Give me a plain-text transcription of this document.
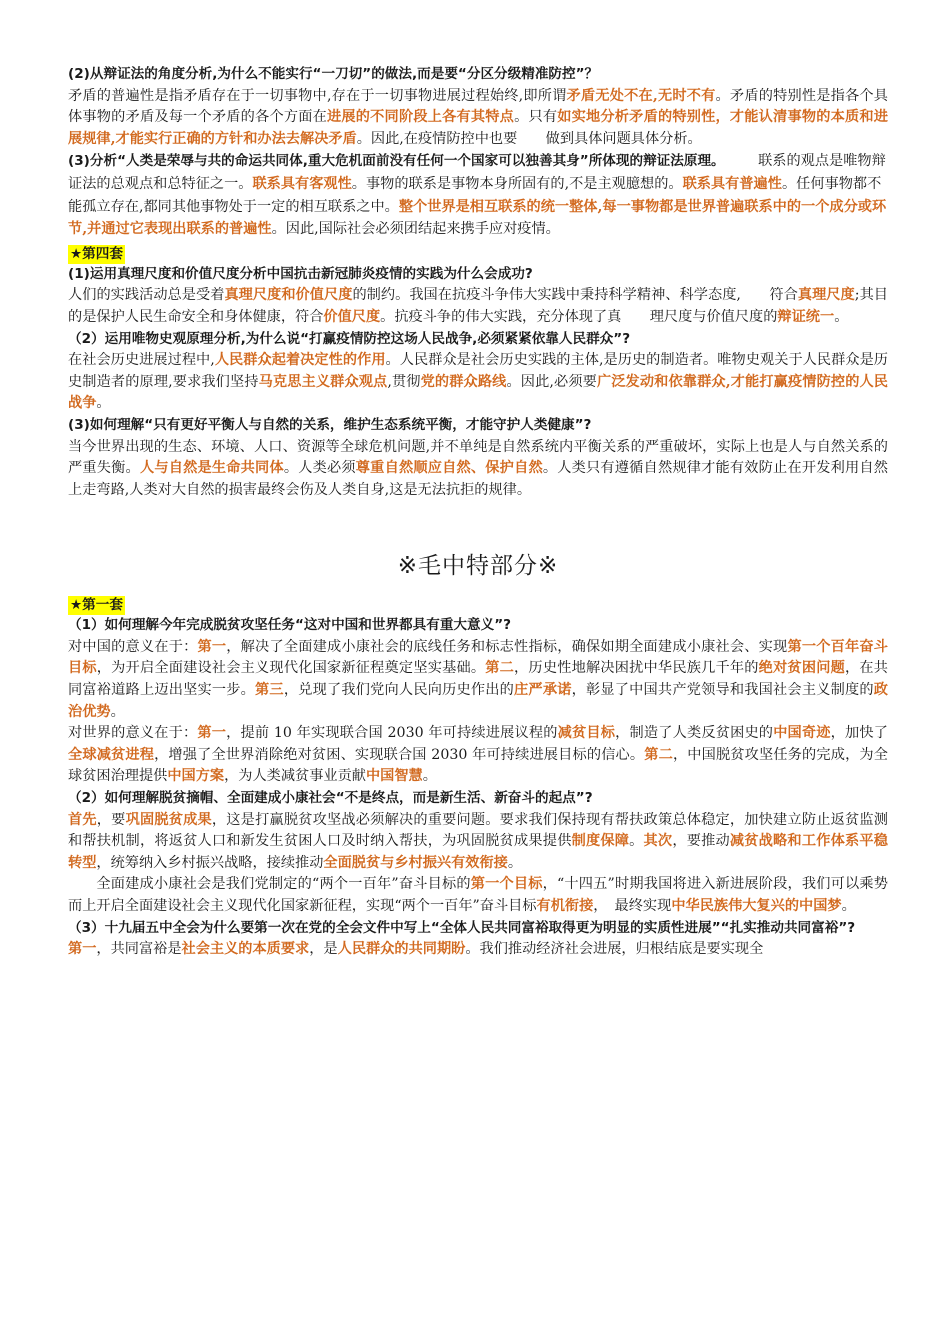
(2)从辩证法的角度分析,为什么不能实行“一刀切”的做法,而是要“分区分级精准防控”？

矛盾的普遍性是指矛盾存在于一切事物中,存在于一切事物进展过程始终,即所谓矛盾无处不在,无时不有。矛盾的特别性是指各个具体事物的矛盾及每一个矛盾的各个方面在进展的不同阶段上各有其特点。只有如实地分析矛盾的特别性，才能认清事物的本质和进展规律,才能实行正确的方针和办法去解决矛盾。因此,在疫情防控中也要　　做到具体问题具体分析。

(3)分析“人类是荣辱与共的命运共同体,重大危机面前没有任何一个国家可以独善其身”所体现的辩证法原理。

　　联系的观点是唯物辩证法的总观点和总特征之一。联系具有客观性。事物的联系是事物本身所固有的,不是主观臆想的。联系具有普遍性。任何事物都不能孤立存在,都同其他事物处于一定的相互联系之中。整个世界是相互联系的统一整体,每一事物都是世界普遍联系中的一个成分或环节,并通过它表现出联系的普遍性。因此,国际社会必须团结起来携手应对疫情。

★第四套

(1)运用真理尺度和价值尺度分析中国抗击新冠肺炎疫情的实践为什么会成功?

人们的实践活动总是受着真理尺度和价值尺度的制约。我国在抗疫斗争伟大实践中秉持科学精神、科学态度,　　符合真理尺度;其目的是保护人民生命安全和身体健康，符合价值尺度。抗疫斗争的伟大实践，充分体现了真　　理尺度与价值尺度的辩证统一。

（2）运用唯物史观原理分析,为什么说“打赢疫情防控这场人民战争,必须紧紧依靠人民群众”?

在社会历史进展过程中,人民群众起着决定性的作用。人民群众是社会历史实践的主体,是历史的制造者。唯物史观关于人民群众是历史制造者的原理,要求我们坚持马克思主义群众观点,贯彻党的群众路线。因此,必须要广泛发动和依靠群众,才能打赢疫情防控的人民战争。

(3)如何理解“只有更好平衡人与自然的关系，维护生态系统平衡，才能守护人类健康”?

当今世界出现的生态、环境、人口、资源等全球危机问题,并不单纯是自然系统内平衡关系的严重破坏，实际上也是人与自然关系的严重失衡。人与自然是生命共同体。人类必须尊重自然顺应自然、保护自然。人类只有遵循自然规律才能有效防止在开发利用自然上走弯路,人类对大自然的损害最终会伤及人类自身,这是无法抗拒的规律。

※毛中特部分※
★第一套

（1）如何理解今年完成脱贫攻坚任务“这对中国和世界都具有重大意义”?

对中国的意义在于：第一，解决了全面建成小康社会的底线任务和标志性指标，确保如期全面建成小康社会、实现第一个百年奋斗目标，为开启全面建设社会主义现代化国家新征程奠定坚实基础。第二，历史性地解决困扰中华民族几千年的绝对贫困问题，在共同富裕道路上迈出坚实一步。第三，兑现了我们党向人民向历史作出的庄严承诺，彰显了中国共产党领导和我国社会主义制度的政治优势。

对世界的意义在于：第一，提前 10 年实现联合国 2030 年可持续进展议程的减贫目标，制造了人类反贫困史的中国奇迹，加快了全球减贫进程，增强了全世界消除绝对贫困、实现联合国 2030 年可持续进展目标的信心。第二，中国脱贫攻坚任务的完成，为全球贫困治理提供中国方案，为人类减贫事业贡献中国智慧。

（2）如何理解脱贫摘帽、全面建成小康社会“不是终点，而是新生活、新奋斗的起点”?

首先，要巩固脱贫成果，这是打赢脱贫攻坚战必须解决的重要问题。要求我们保持现有帮扶政策总体稳定，加快建立防止返贫监测和帮扶机制，将返贫人口和新发生贫困人口及时纳入帮扶，为巩固脱贫成果提供制度保障。其次，要推动减贫战略和工作体系平稳转型，统筹纳入乡村振兴战略，接续推动全面脱贫与乡村振兴有效衔接。

全面建成小康社会是我们党制定的“两个一百年”奋斗目标的第一个目标，“十四五”时期我国将进入新进展阶段，我们可以乘势而上开启全面建设社会主义现代化国家新征程，实现“两个一百年”奋斗目标有机衔接，　最终实现中华民族伟大复兴的中国梦。

（3）十九届五中全会为什么要第一次在党的全会文件中写上“全体人民共同富裕取得更为明显的实质性进展”“扎实推动共同富裕”?

第一，共同富裕是社会主义的本质要求，是人民群众的共同期盼。我们推动经济社会进展，归根结底是要实现全
